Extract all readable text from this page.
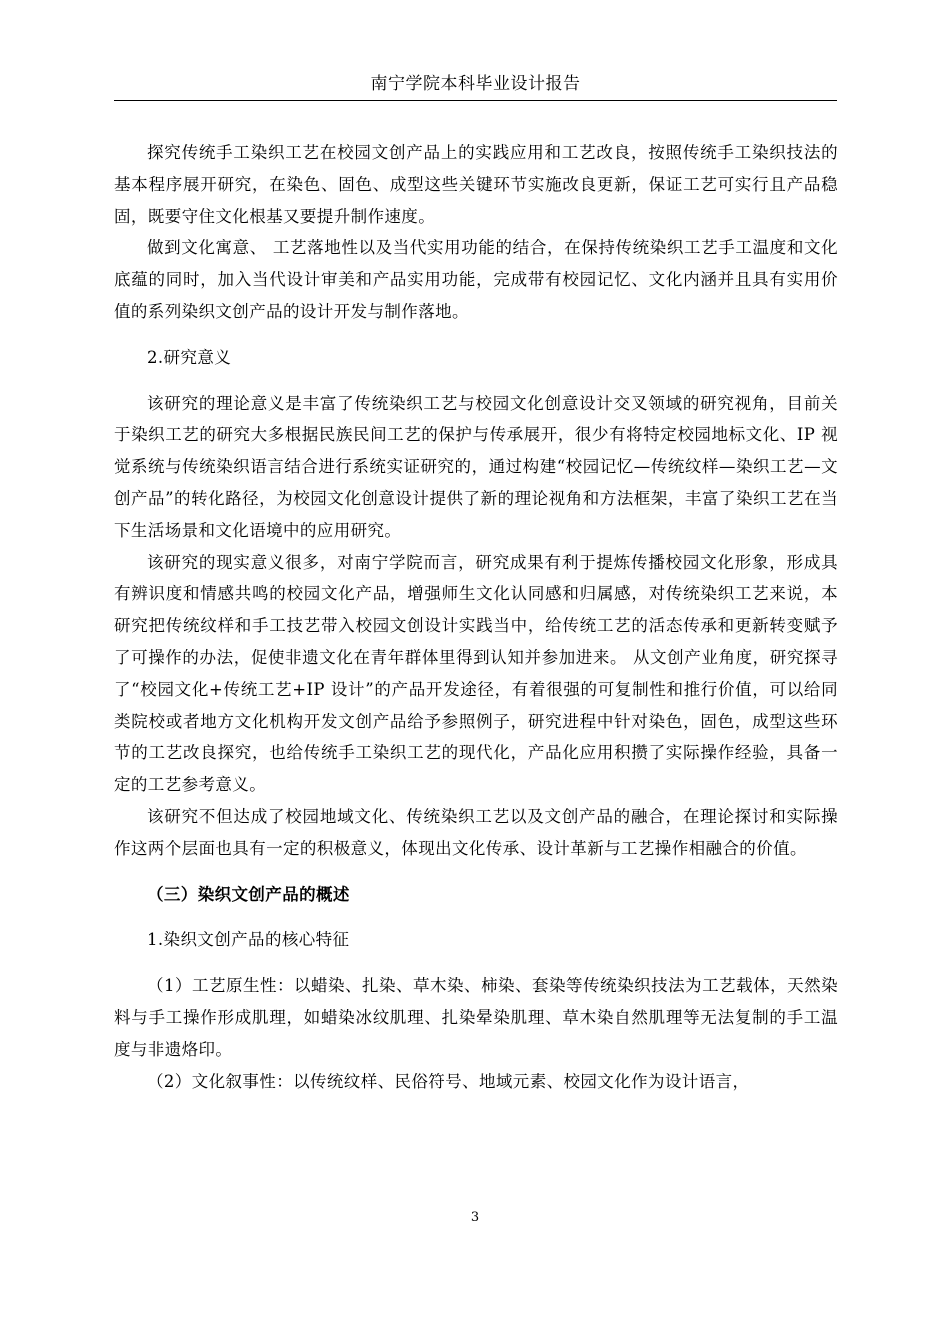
南宁学院本科毕业设计报告

探究传统手工染织工艺在校园文创产品上的实践应用和工艺改良，按照传统手工染织技法的基本程序展开研究，在染色、固色、成型这些关键环节实施改良更新，保证工艺可实行且产品稳固，既要守住文化根基又要提升制作速度。

做到文化寓意、 工艺落地性以及当代实用功能的结合，在保持传统染织工艺手工温度和文化底蕴的同时，加入当代设计审美和产品实用功能，完成带有校园记忆、文化内涵并且具有实用价值的系列染织文创产品的设计开发与制作落地。

2.研究意义

该研究的理论意义是丰富了传统染织工艺与校园文化创意设计交叉领域的研究视角，目前关于染织工艺的研究大多根据民族民间工艺的保护与传承展开，很少有将特定校园地标文化、IP 视觉系统与传统染织语言结合进行系统实证研究的，通过构建“校园记忆—传统纹样—染织工艺—文创产品”的转化路径，为校园文化创意设计提供了新的理论视角和方法框架，丰富了染织工艺在当下生活场景和文化语境中的应用研究。

该研究的现实意义很多，对南宁学院而言，研究成果有利于提炼传播校园文化形象，形成具有辨识度和情感共鸣的校园文化产品，增强师生文化认同感和归属感，对传统染织工艺来说，本研究把传统纹样和手工技艺带入校园文创设计实践当中，给传统工艺的活态传承和更新转变赋予了可操作的办法，促使非遗文化在青年群体里得到认知并参加进来。 从文创产业角度，研究探寻了“校园文化+传统工艺+IP 设计”的产品开发途径，有着很强的可复制性和推行价值，可以给同类院校或者地方文化机构开发文创产品给予参照例子，研究进程中针对染色，固色，成型这些环节的工艺改良探究，也给传统手工染织工艺的现代化，产品化应用积攒了实际操作经验，具备一定的工艺参考意义。

该研究不但达成了校园地域文化、传统染织工艺以及文创产品的融合，在理论探讨和实际操作这两个层面也具有一定的积极意义，体现出文化传承、设计革新与工艺操作相融合的价值。

（三）染织文创产品的概述

1.染织文创产品的核心特征

（1）工艺原生性：以蜡染、扎染、草木染、柿染、套染等传统染织技法为工艺载体，天然染料与手工操作形成肌理，如蜡染冰纹肌理、扎染晕染肌理、草木染自然肌理等无法复制的手工温度与非遗烙印。

（2）文化叙事性：以传统纹样、民俗符号、地域元素、校园文化作为设计语言，

3
